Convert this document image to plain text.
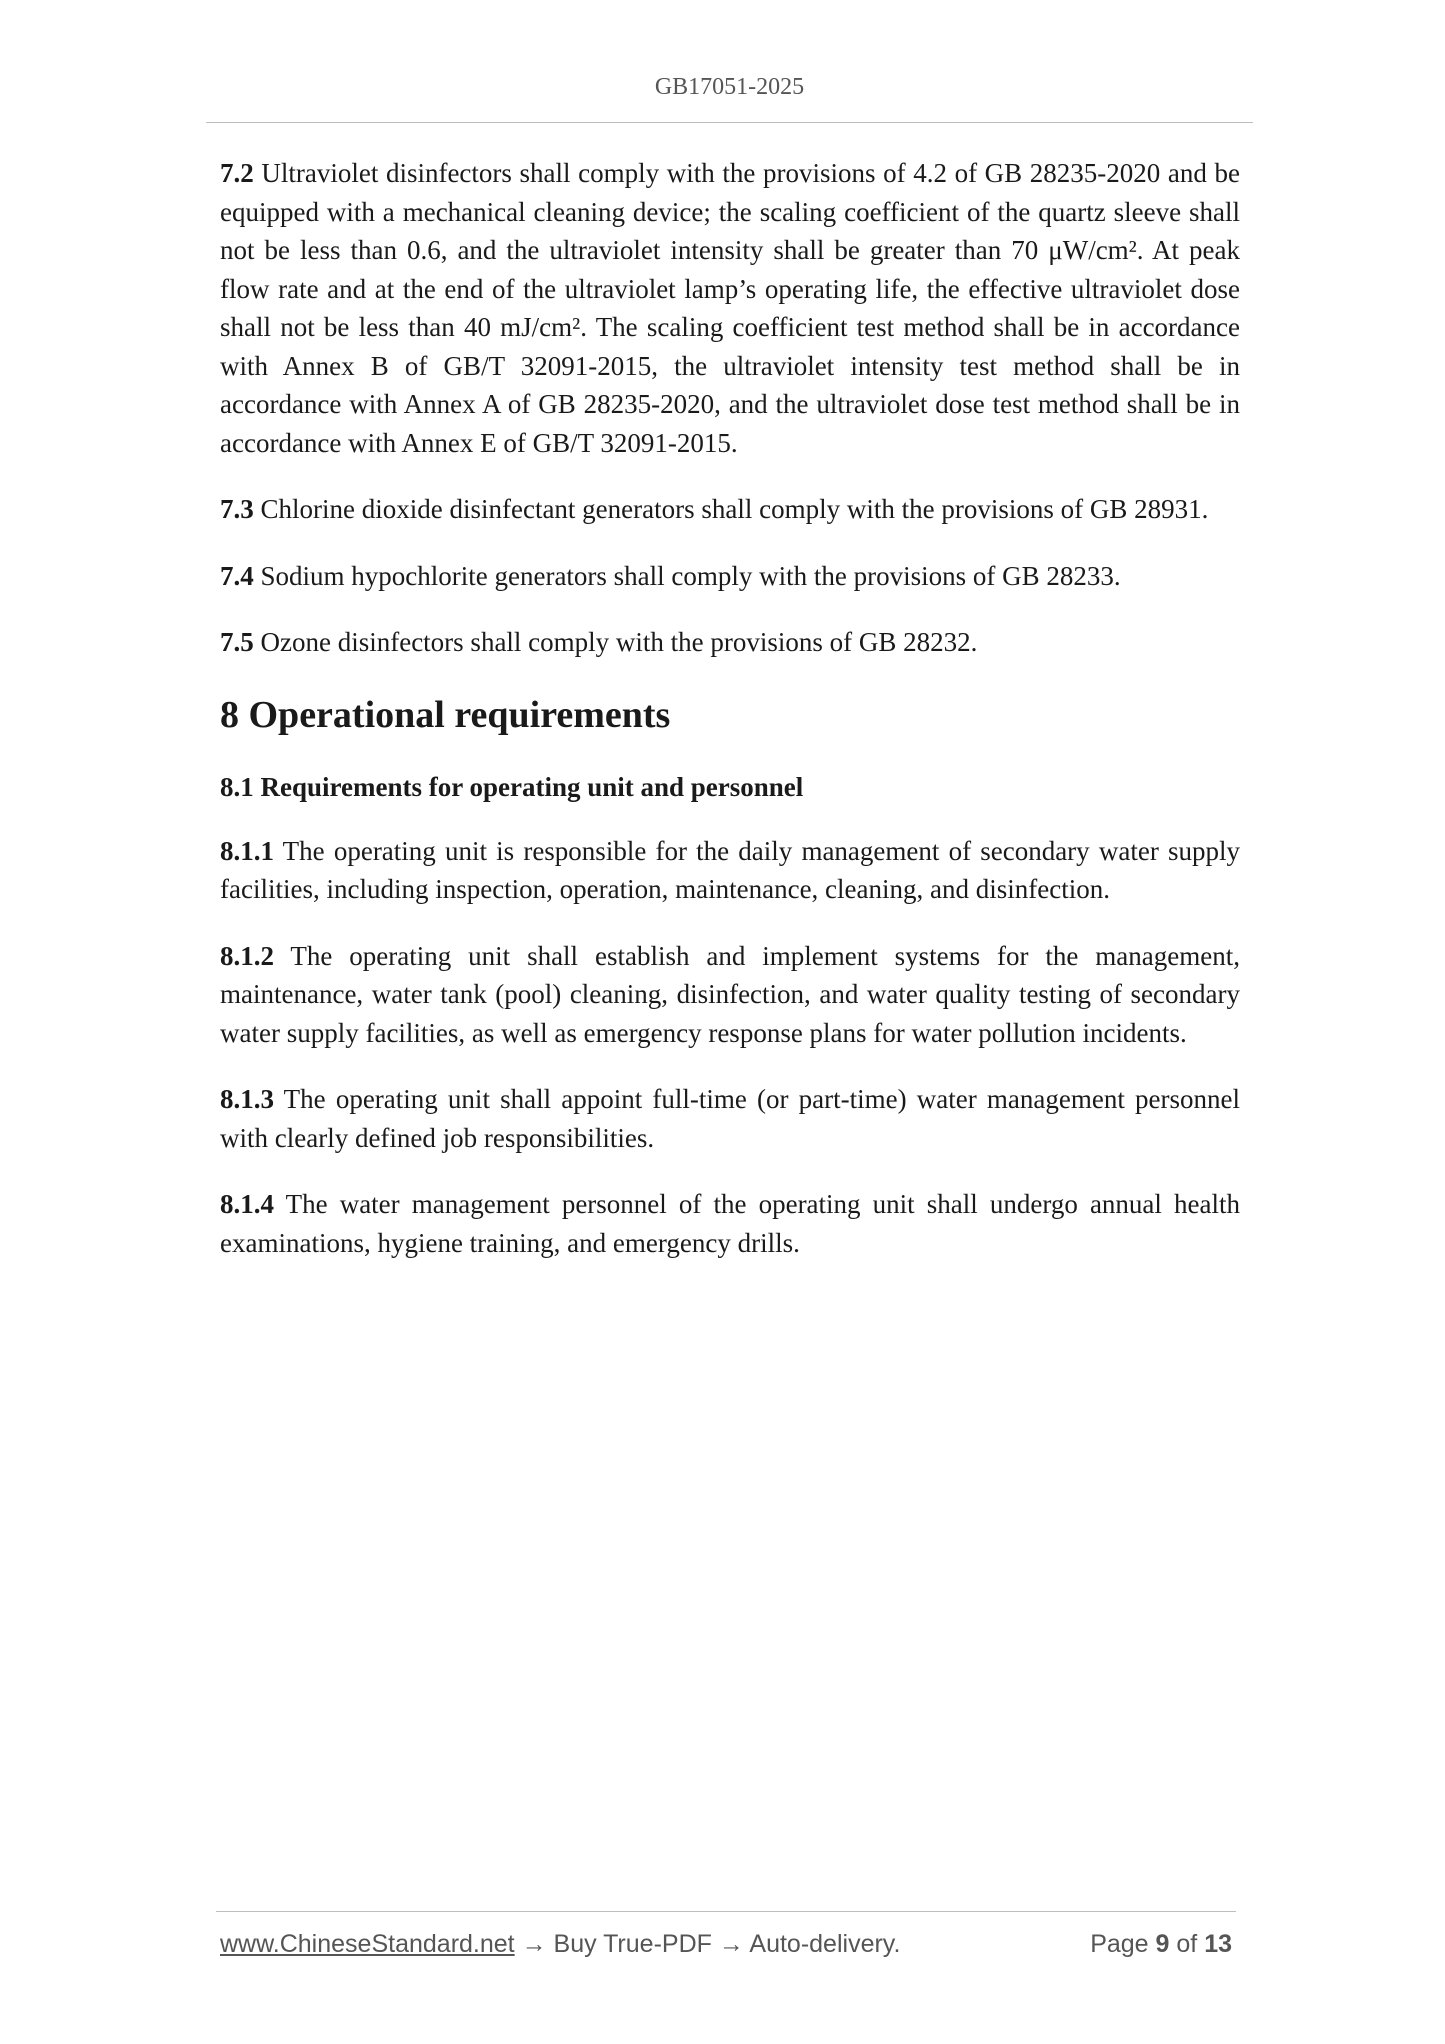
GB17051-2025

7.2 Ultraviolet disinfectors shall comply with the provisions of 4.2 of GB 28235-2020 and be equipped with a mechanical cleaning device; the scaling coefficient of the quartz sleeve shall not be less than 0.6, and the ultraviolet intensity shall be greater than 70 μW/cm². At peak flow rate and at the end of the ultraviolet lamp’s operating life, the effective ultraviolet dose shall not be less than 40 mJ/cm². The scaling coefficient test method shall be in accordance with Annex B of GB/T 32091-2015, the ultraviolet intensity test method shall be in accordance with Annex A of GB 28235-2020, and the ultraviolet dose test method shall be in accordance with Annex E of GB/T 32091-2015.

7.3 Chlorine dioxide disinfectant generators shall comply with the provisions of GB 28931.

7.4 Sodium hypochlorite generators shall comply with the provisions of GB 28233.

7.5 Ozone disinfectors shall comply with the provisions of GB 28232.

8 Operational requirements
8.1 Requirements for operating unit and personnel

8.1.1 The operating unit is responsible for the daily management of secondary water supply facilities, including inspection, operation, maintenance, cleaning, and disinfection.

8.1.2 The operating unit shall establish and implement systems for the management, maintenance, water tank (pool) cleaning, disinfection, and water quality testing of secondary water supply facilities, as well as emergency response plans for water pollution incidents.

8.1.3 The operating unit shall appoint full-time (or part-time) water management personnel with clearly defined job responsibilities.

8.1.4 The water management personnel of the operating unit shall undergo annual health examinations, hygiene training, and emergency drills.

www.ChineseStandard.net → Buy True-PDF → Auto-delivery.	Page 9 of 13
